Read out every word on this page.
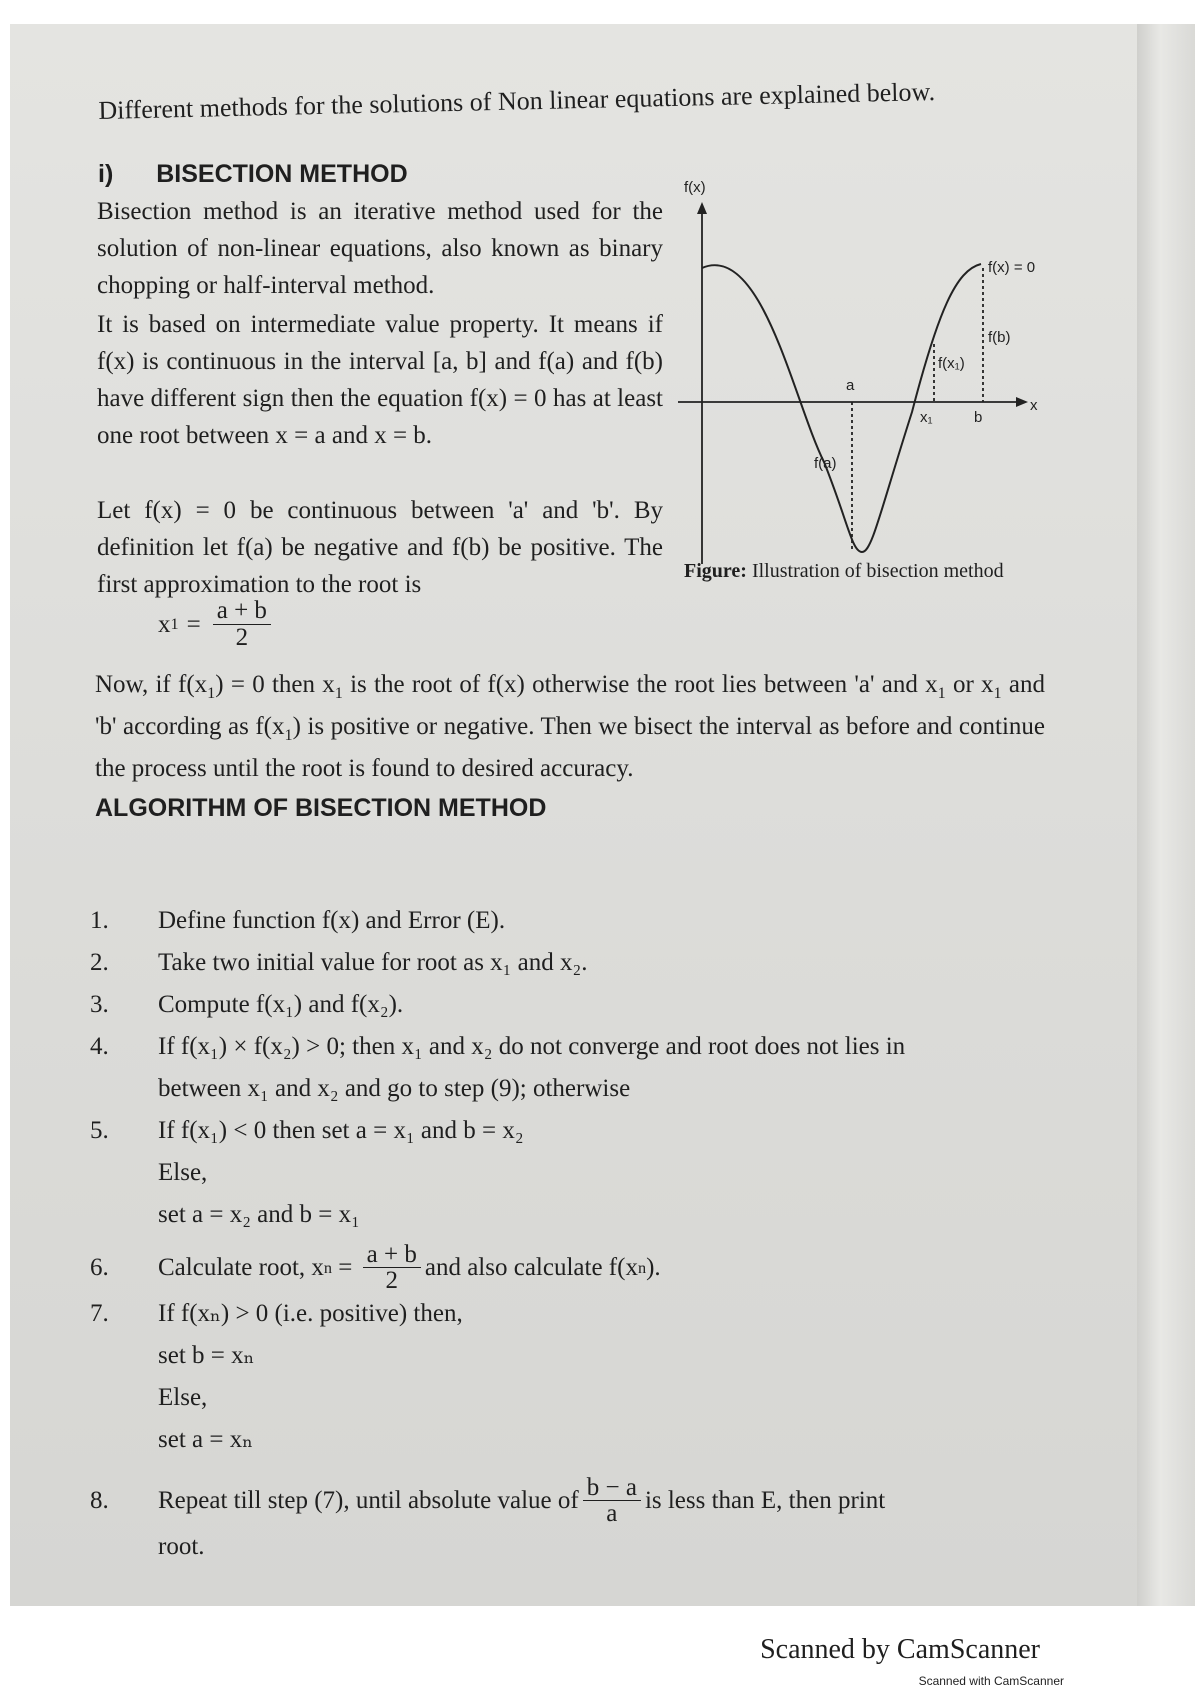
Different methods for the solutions of Non linear equations are explained below.

i) BISECTION METHOD

Bisection method is an iterative method used for the solution of non-linear equations, also known as binary chopping or half-interval method.

It is based on intermediate value property. It means if f(x) is continuous in the interval [a, b] and f(a) and f(b) have different sign then the equation f(x) = 0 has at least one root between x = a and x = b.

Let f(x) = 0 be continuous between 'a' and 'b'. By definition let f(a) be negative and f(b) be positive. The first approximation to the root is

x $1 = \frac{a + b}{2}$
f(x)
x
f(x) = 0
f(b)
f(x₁)
a
x₁	b
f(a)

Figure: Illustration of bisection method

Now, if $f(x_1) = 0$ then $x_1$ is the root of f(x) otherwise the root lies between 'a' and $x_1$ or $x_1$ and 'b' according as $f(x_1)$ is positive or negative. Then we bisect the interval as before and continue the process until the root is found to desired accuracy.

ALGORITHM OF BISECTION METHOD
1.	Define function f(x) and Error (E).
2.	Take two initial value for root as x₁ and x₂.
3.	Compute f(x₁) and f(x₂).
4.	If f(x₁) × f(x₂) > 0; then x₁ and x₂ do not converge and root does not lies in
between x₁ and x₂ and go to step (9); otherwise
5.	If f(x₁) < 0 then set a = x₁ and b = x₂
Else,
set a = x₂ and b = x₁
6.	Calculate root, x $n = \frac{a + b}{2}$ and also calculate f(x n ).
7.	If f(xₙ) > 0 (i.e. positive) then,
set b = xₙ
Else,
set a = xₙ
8.	Repeat till step (7), until absolute value of $\frac{b - a}{a}$ is less than E, then print
root.
Scanned by CamScanner
Scanned with CamScanner
